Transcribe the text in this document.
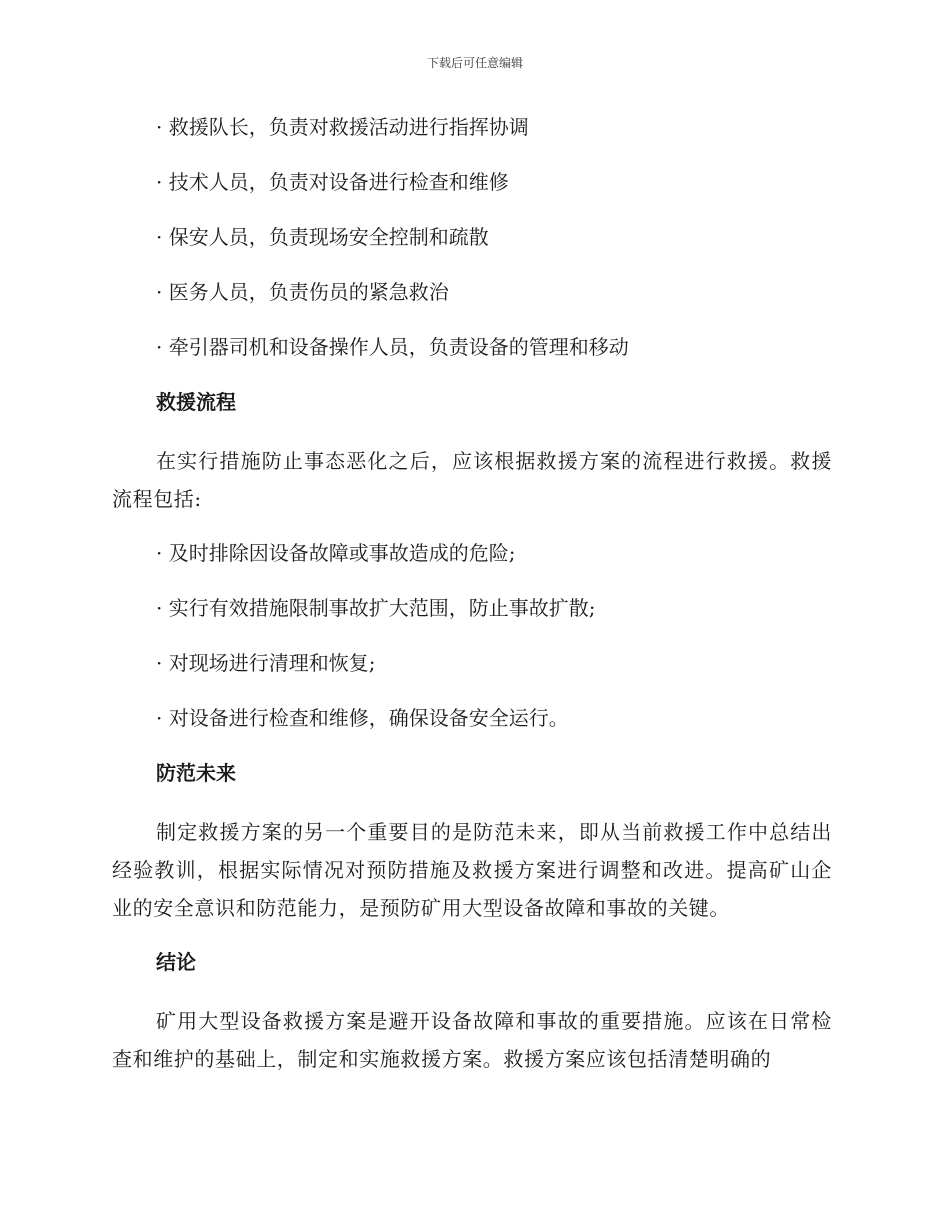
下载后可任意编辑
· 救援队长，负责对救援活动进行指挥协调
· 技术人员，负责对设备进行检查和维修
· 保安人员，负责现场安全控制和疏散
· 医务人员，负责伤员的紧急救治
· 牵引器司机和设备操作人员，负责设备的管理和移动
救援流程
在实行措施防止事态恶化之后，应该根据救援方案的流程进行救援。救援流程包括:
· 及时排除因设备故障或事故造成的危险;
· 实行有效措施限制事故扩大范围，防止事故扩散;
· 对现场进行清理和恢复;
· 对设备进行检查和维修，确保设备安全运行。
防范未来
制定救援方案的另一个重要目的是防范未来，即从当前救援工作中总结出经验教训，根据实际情况对预防措施及救援方案进行调整和改进。提高矿山企业的安全意识和防范能力，是预防矿用大型设备故障和事故的关键。
结论
矿用大型设备救援方案是避开设备故障和事故的重要措施。应该在日常检查和维护的基础上，制定和实施救援方案。救援方案应该包括清楚明确的
